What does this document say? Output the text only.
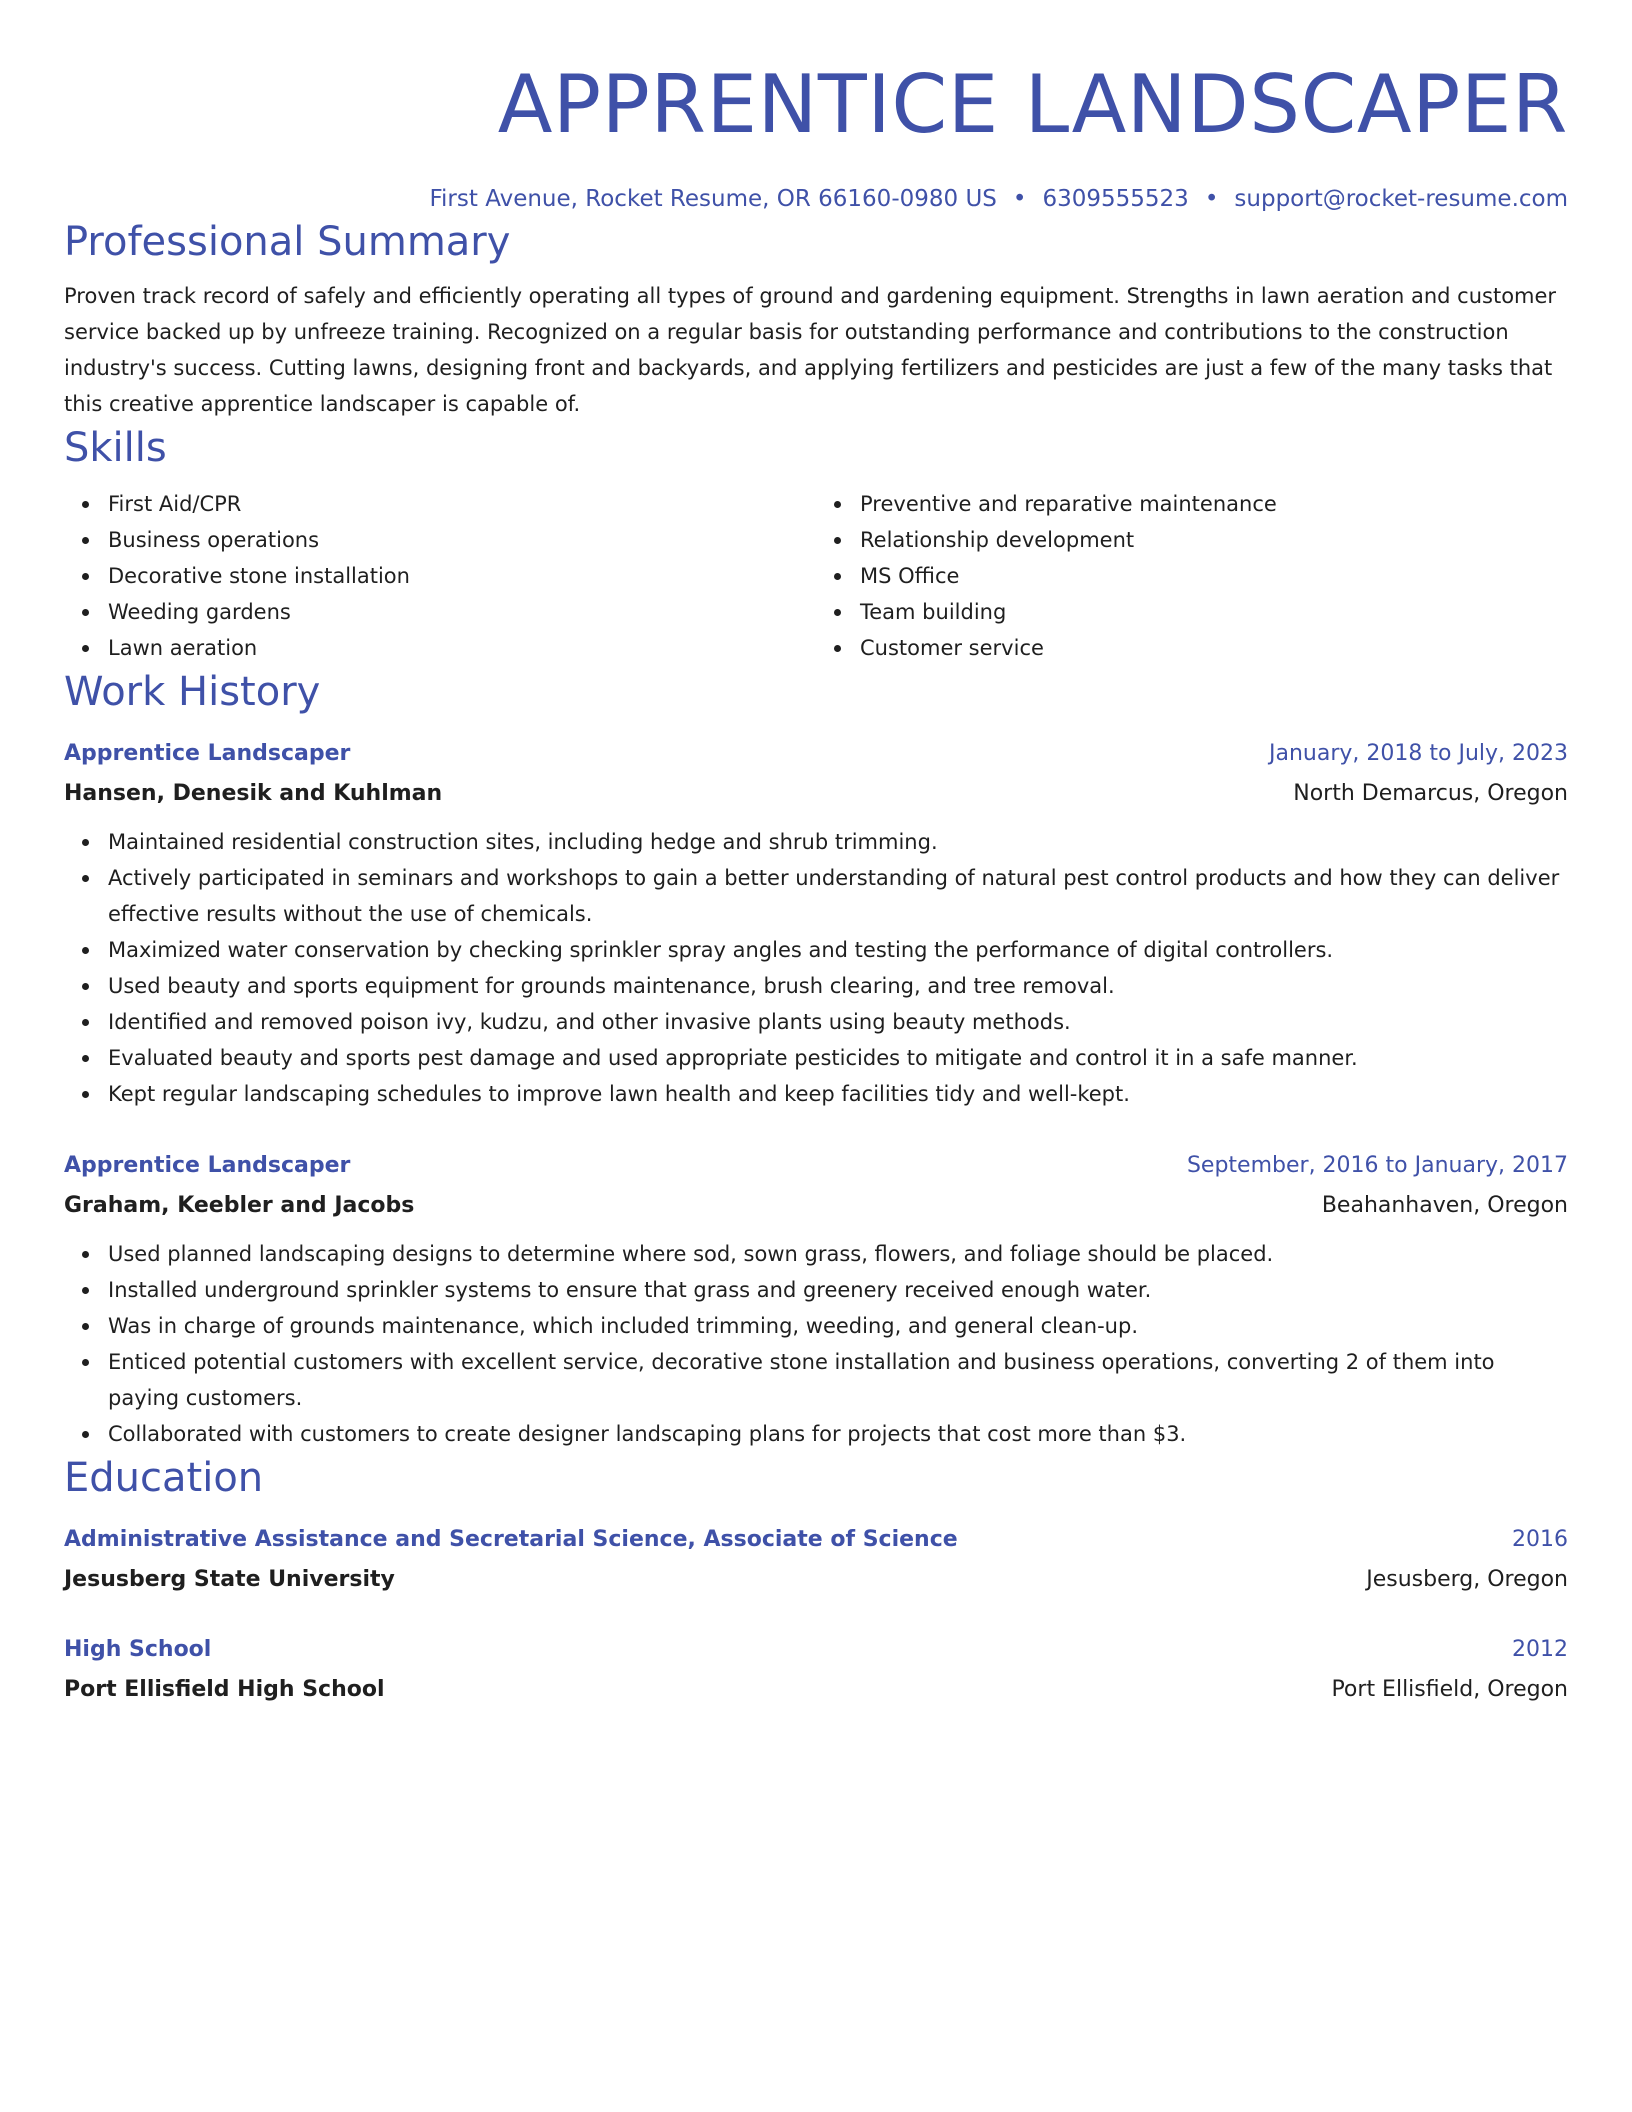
APPRENTICE LANDSCAPER
First Avenue, Rocket Resume, OR 66160-0980 US • 6309555523 • support@rocket-resume.com
Professional Summary

Proven track record of safely and efficiently operating all types of ground and gardening equipment. Strengths in lawn aeration and customer service backed up by unfreeze training. Recognized on a regular basis for outstanding performance and contributions to the construction industry's success. Cutting lawns, designing front and backyards, and applying fertilizers and pesticides are just a few of the many tasks that this creative apprentice landscaper is capable of.

Skills
First Aid/CPR
Business operations
Decorative stone installation
Weeding gardens
Lawn aeration
Preventive and reparative maintenance
Relationship development
MS Office
Team building
Customer service
Work History
Apprentice Landscaper	January, 2018 to July, 2023
Hansen, Denesik and Kuhlman	North Demarcus, Oregon
Maintained residential construction sites, including hedge and shrub trimming.
Actively participated in seminars and workshops to gain a better understanding of natural pest control products and how they can deliver effective results without the use of chemicals.
Maximized water conservation by checking sprinkler spray angles and testing the performance of digital controllers.
Used beauty and sports equipment for grounds maintenance, brush clearing, and tree removal.
Identified and removed poison ivy, kudzu, and other invasive plants using beauty methods.
Evaluated beauty and sports pest damage and used appropriate pesticides to mitigate and control it in a safe manner.
Kept regular landscaping schedules to improve lawn health and keep facilities tidy and well-kept.
Apprentice Landscaper	September, 2016 to January, 2017
Graham, Keebler and Jacobs	Beahanhaven, Oregon
Used planned landscaping designs to determine where sod, sown grass, flowers, and foliage should be placed.
Installed underground sprinkler systems to ensure that grass and greenery received enough water.
Was in charge of grounds maintenance, which included trimming, weeding, and general clean-up.
Enticed potential customers with excellent service, decorative stone installation and business operations, converting 2 of them into paying customers.
Collaborated with customers to create designer landscaping plans for projects that cost more than $3.
Education
Administrative Assistance and Secretarial Science, Associate of Science	2016
Jesusberg State University	Jesusberg, Oregon
High School	2012
Port Ellisfield High School	Port Ellisfield, Oregon
